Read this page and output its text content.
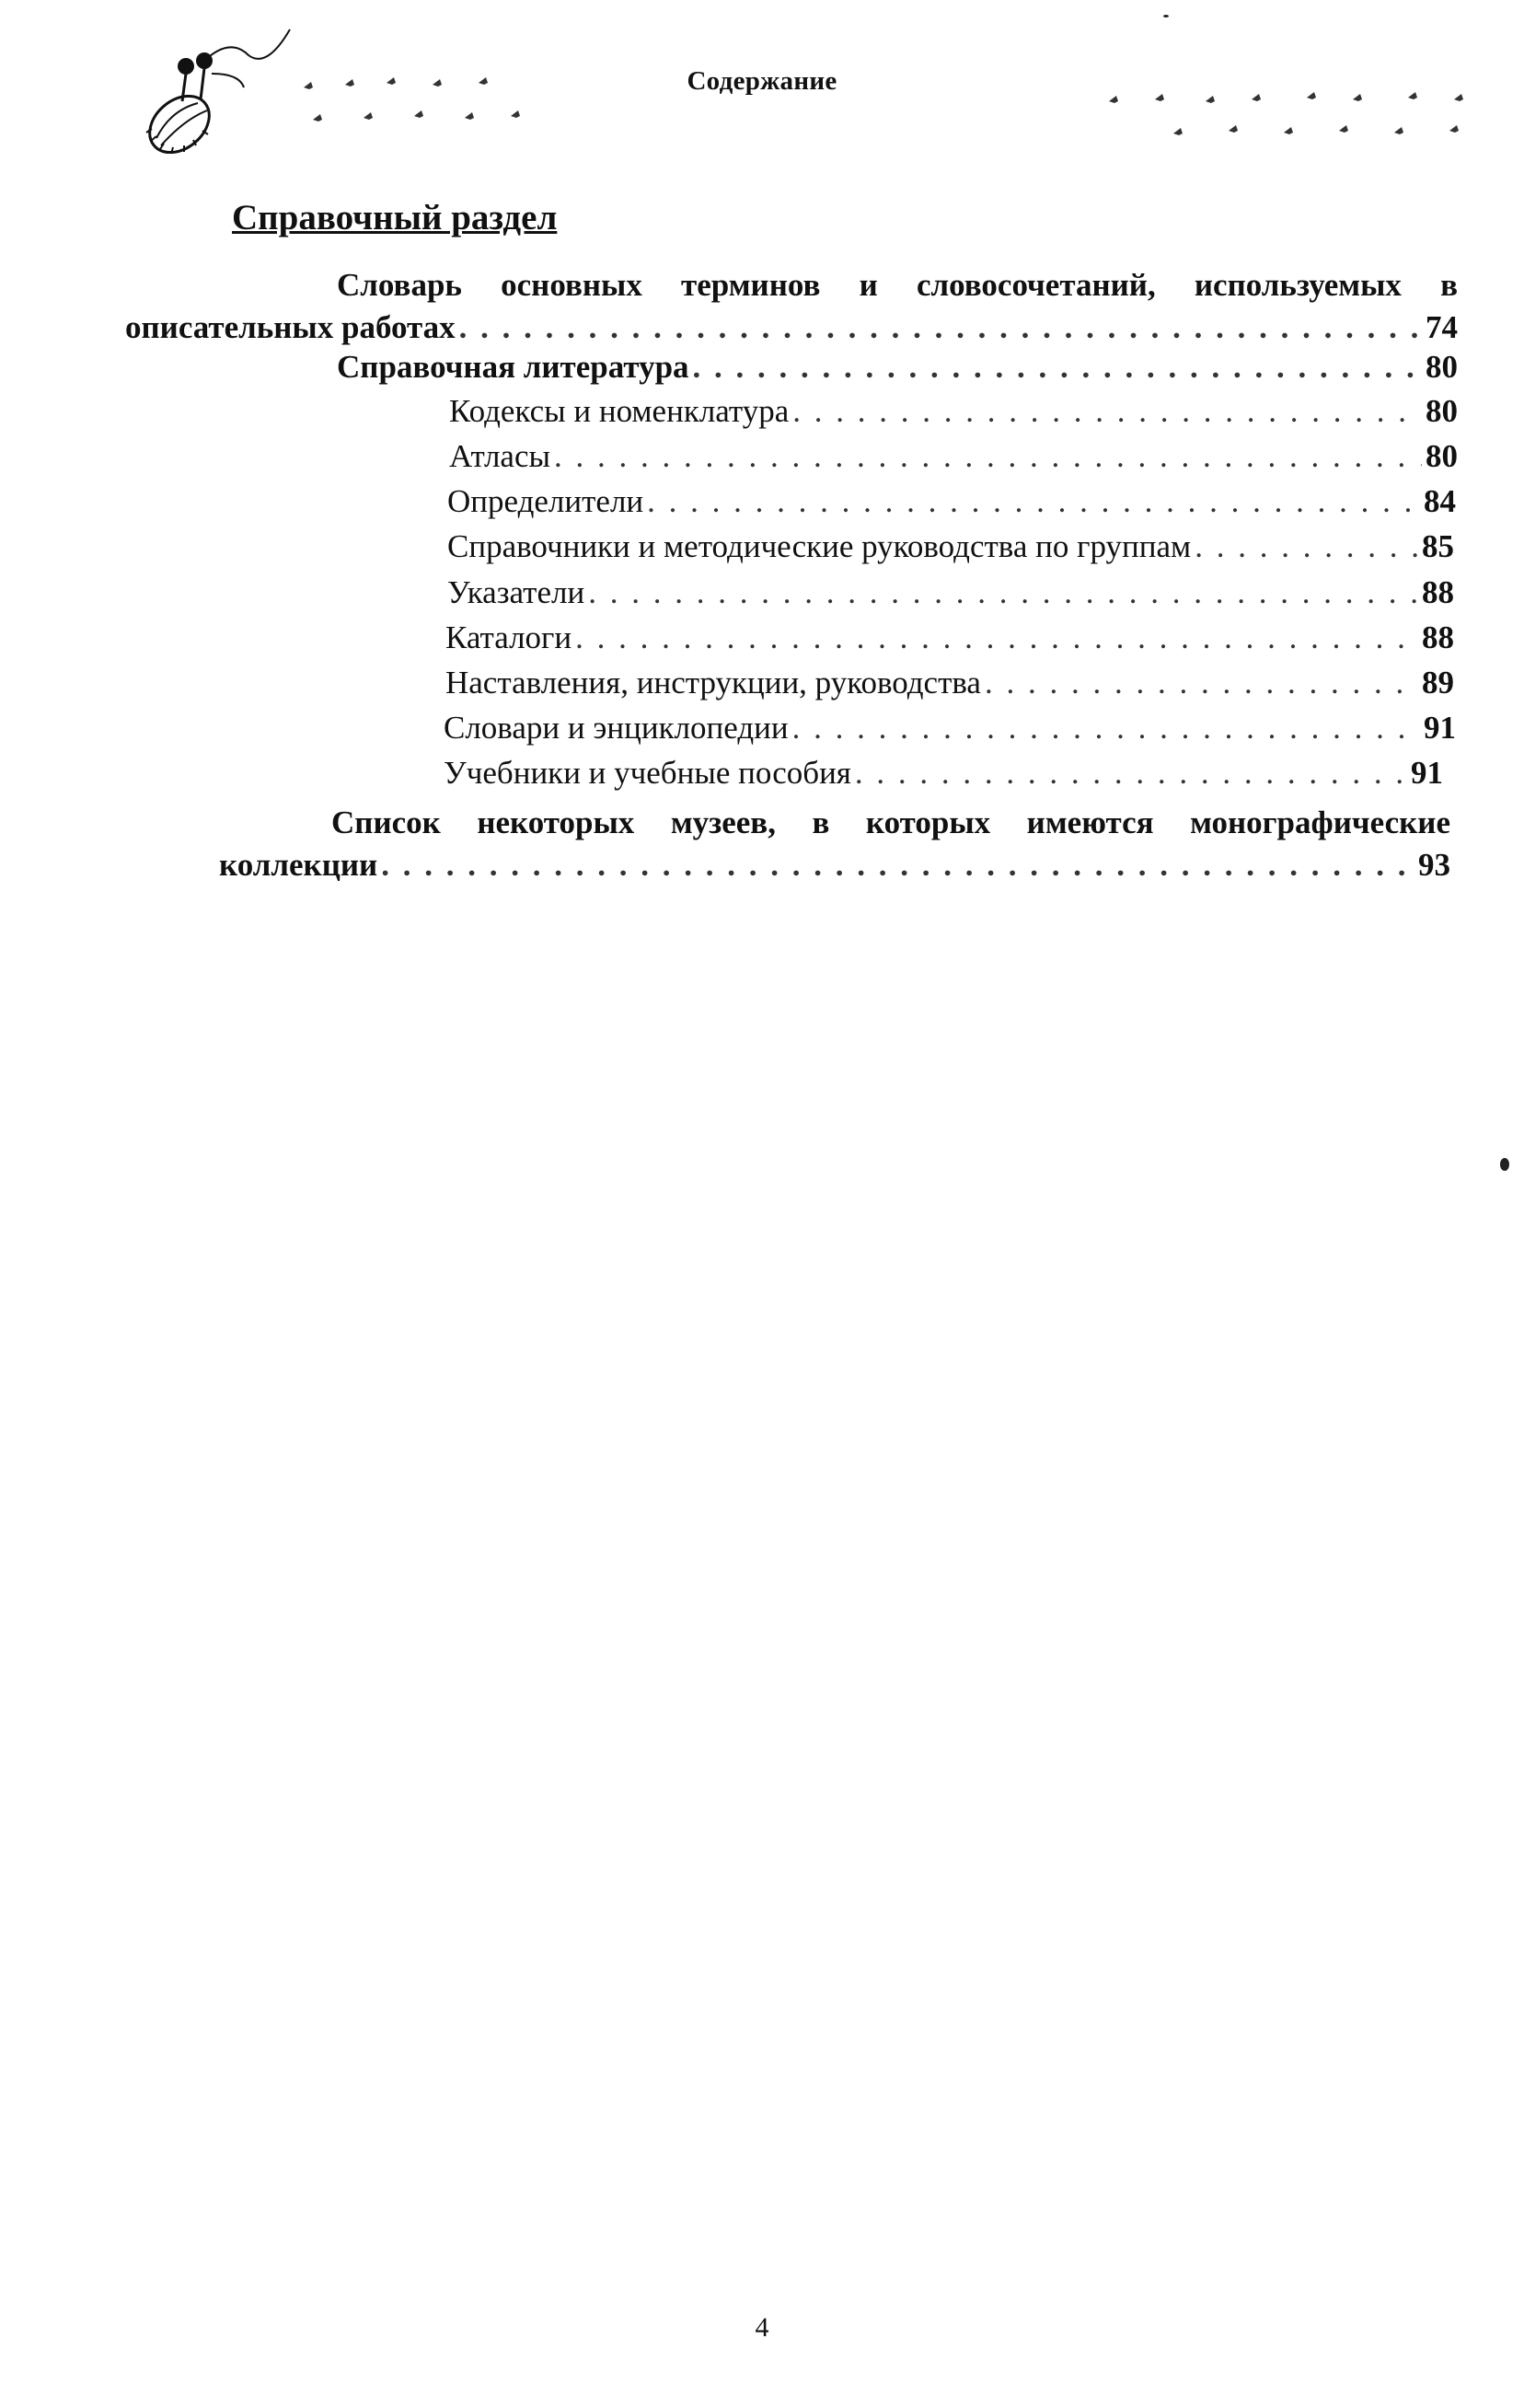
Содержание
Справочный раздел
Словарь основных терминов и словосочетаний, используемых в
описательных работах . . .	74
Справочная литература . . .	80
Кодексы и номенклатура . . .	80
Атласы . . .	80
Определители . . .	84
Справочники и методические руководства по группам . . .	85
Указатели . . .	88
Каталоги . . .	88
Наставления, инструкции, руководства . . .	89
Словари и энциклопедии . . .	91
Учебники и учебные пособия . . .	91
Список некоторых музеев, в которых имеются монографические
коллекции . . .	93
4
